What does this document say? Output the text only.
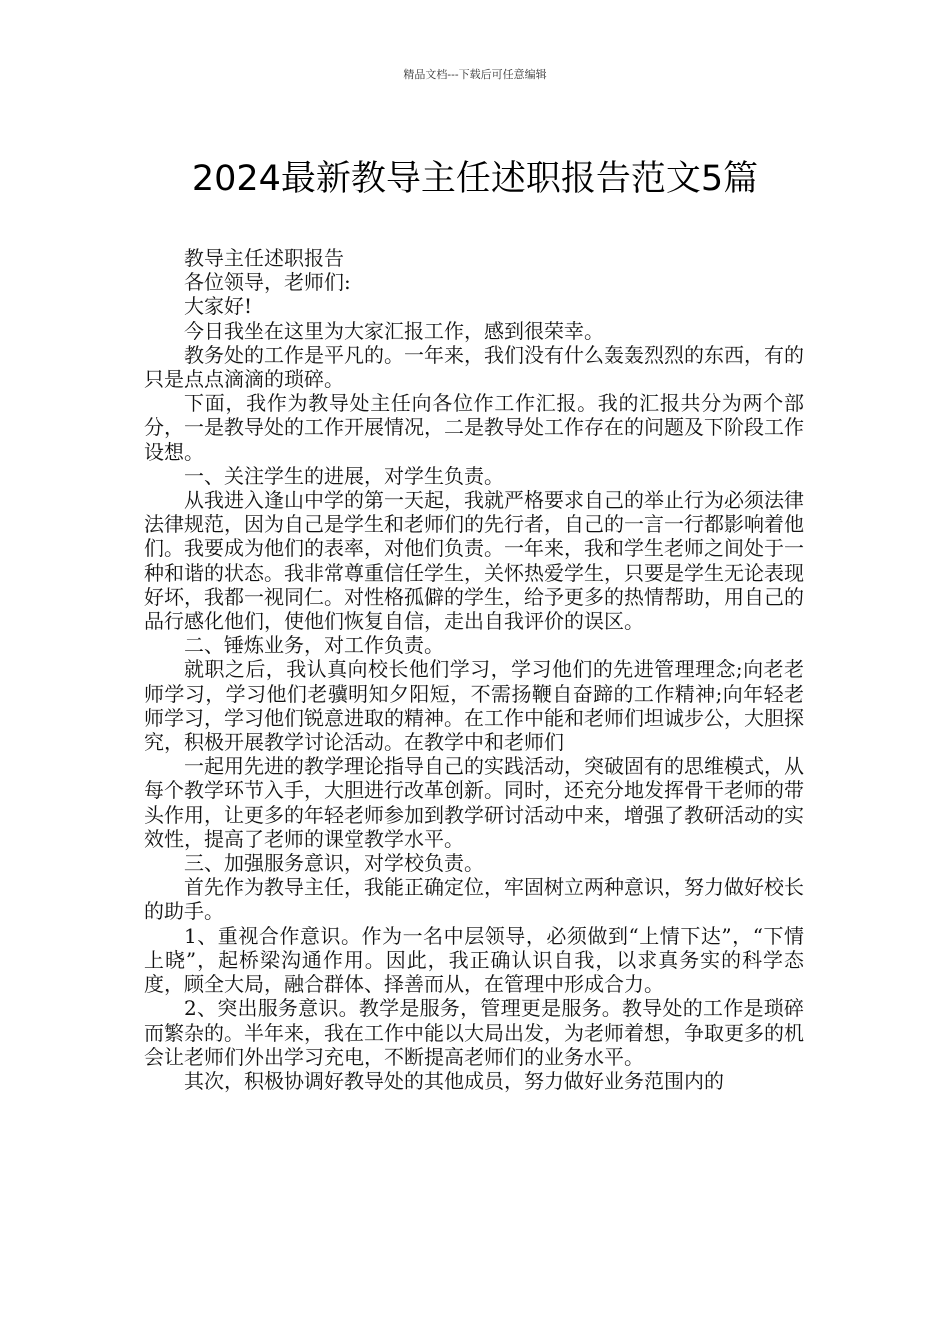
精品文档---下载后可任意编辑
2024最新教导主任述职报告范文5篇

教导主任述职报告

各位领导，老师们:

大家好!

今日我坐在这里为大家汇报工作，感到很荣幸。

教务处的工作是平凡的。一年来，我们没有什么轰轰烈烈的东西，有的只是点点滴滴的琐碎。

下面，我作为教导处主任向各位作工作汇报。我的汇报共分为两个部分，一是教导处的工作开展情况，二是教导处工作存在的问题及下阶段工作设想。

一、关注学生的进展，对学生负责。

从我进入逢山中学的第一天起，我就严格要求自己的举止行为必须法律法律规范，因为自己是学生和老师们的先行者，自己的一言一行都影响着他们。我要成为他们的表率，对他们负责。一年来，我和学生老师之间处于一种和谐的状态。我非常尊重信任学生，关怀热爱学生，只要是学生无论表现好坏，我都一视同仁。对性格孤僻的学生，给予更多的热情帮助，用自己的品行感化他们，使他们恢复自信，走出自我评价的误区。

二、锤炼业务，对工作负责。

就职之后，我认真向校长他们学习，学习他们的先进管理理念;向老老师学习，学习他们老骥明知夕阳短，不需扬鞭自奋蹄的工作精神;向年轻老师学习，学习他们锐意进取的精神。在工作中能和老师们坦诚步公，大胆探究，积极开展教学讨论活动。在教学中和老师们

一起用先进的教学理论指导自己的实践活动，突破固有的思维模式，从每个教学环节入手，大胆进行改革创新。同时，还充分地发挥骨干老师的带头作用，让更多的年轻老师参加到教学研讨活动中来，增强了教研活动的实效性，提高了老师的课堂教学水平。

三、加强服务意识，对学校负责。

首先作为教导主任，我能正确定位，牢固树立两种意识，努力做好校长的助手。

1、重视合作意识。作为一名中层领导，必须做到“上情下达”，“下情上晓”，起桥梁沟通作用。因此，我正确认识自我，以求真务实的科学态度，顾全大局，融合群体、择善而从，在管理中形成合力。

2、突出服务意识。教学是服务，管理更是服务。教导处的工作是琐碎而繁杂的。半年来，我在工作中能以大局出发，为老师着想，争取更多的机会让老师们外出学习充电，不断提高老师们的业务水平。

其次，积极协调好教导处的其他成员，努力做好业务范围内的
